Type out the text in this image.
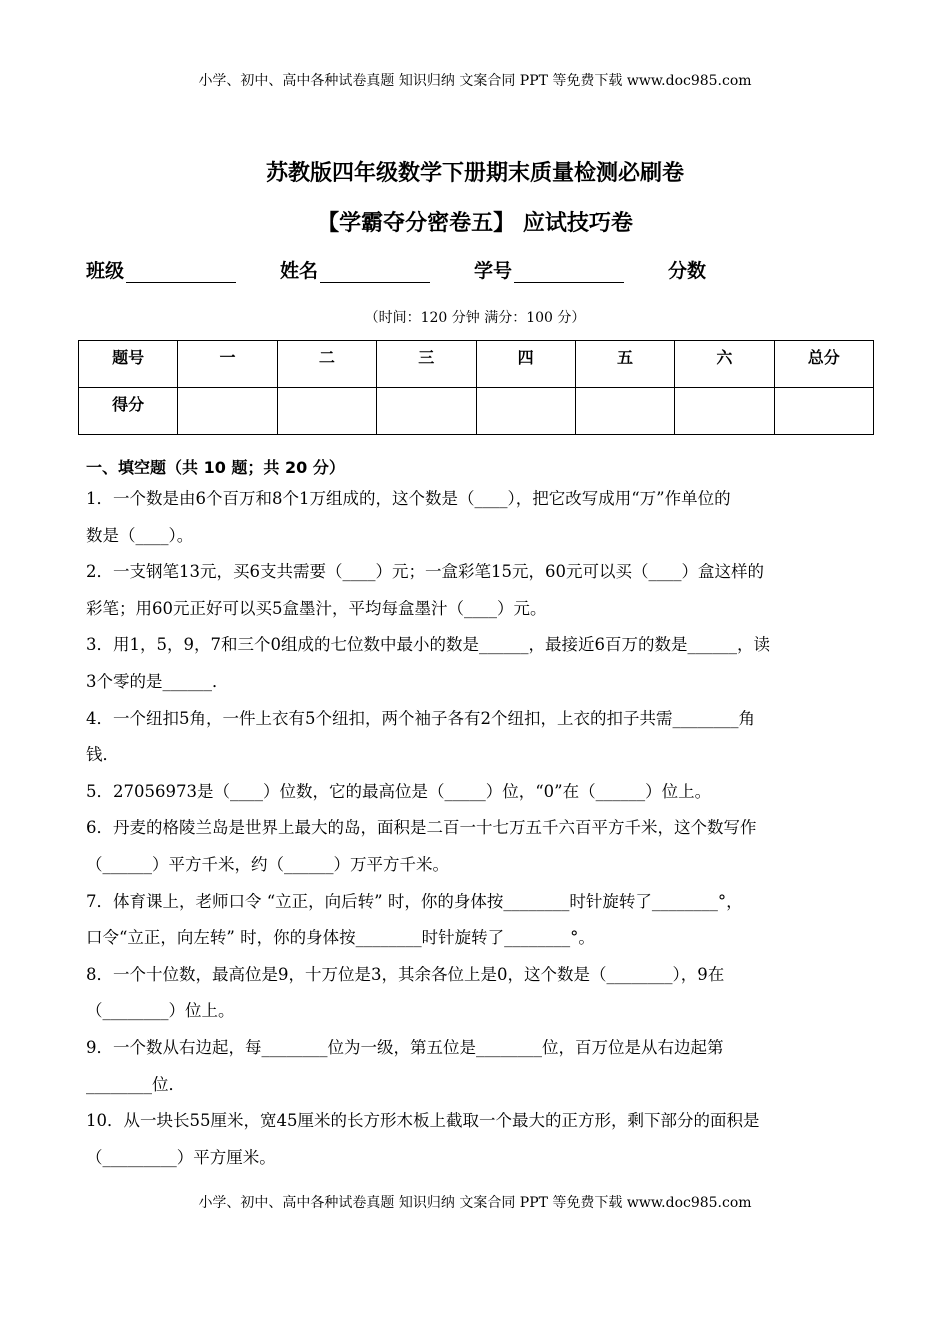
小学、初中、高中各种试卷真题 知识归纳 文案合同 PPT 等免费下载 www.doc985.com
苏教版四年级数学下册期末质量检测必刷卷
【学霸夺分密卷五】 应试技巧卷
班级	姓名	学号	分数
（时间：120 分钟 满分：100 分）
题号	一	二	三	四	五	六	总分
得分							
一、填空题（共 10 题；共 20 分）
1．一个数是由6个百万和8个1万组成的，这个数是（____），把它改写成用“万”作单位的
数是（____）。
2．一支钢笔13元，买6支共需要（____）元；一盒彩笔15元，60元可以买（____）盒这样的
彩笔；用60元正好可以买5盒墨汁，平均每盒墨汁（____）元。
3．用1，5，9，7和三个0组成的七位数中最小的数是______，最接近6百万的数是______，读
3个零的是______．
4．一个纽扣5角，一件上衣有5个纽扣，两个袖子各有2个纽扣，上衣的扣子共需________角
钱．
5．27056973是（____）位数，它的最高位是（_____）位，“0”在（______）位上。
6．丹麦的格陵兰岛是世界上最大的岛，面积是二百一十七万五千六百平方千米，这个数写作
（______）平方千米，约（______）万平方千米。
7．体育课上，老师口令 “立正，向后转” 时，你的身体按________时针旋转了________°，
口令“立正，向左转” 时，你的身体按________时针旋转了________°。
8．一个十位数，最高位是9，十万位是3，其余各位上是0，这个数是（________），9在
（________）位上。
9．一个数从右边起，每________位为一级，第五位是________位，百万位是从右边起第
________位．
10．从一块长55厘米，宽45厘米的长方形木板上截取一个最大的正方形，剩下部分的面积是
（_________）平方厘米。
小学、初中、高中各种试卷真题 知识归纳 文案合同 PPT 等免费下载 www.doc985.com
